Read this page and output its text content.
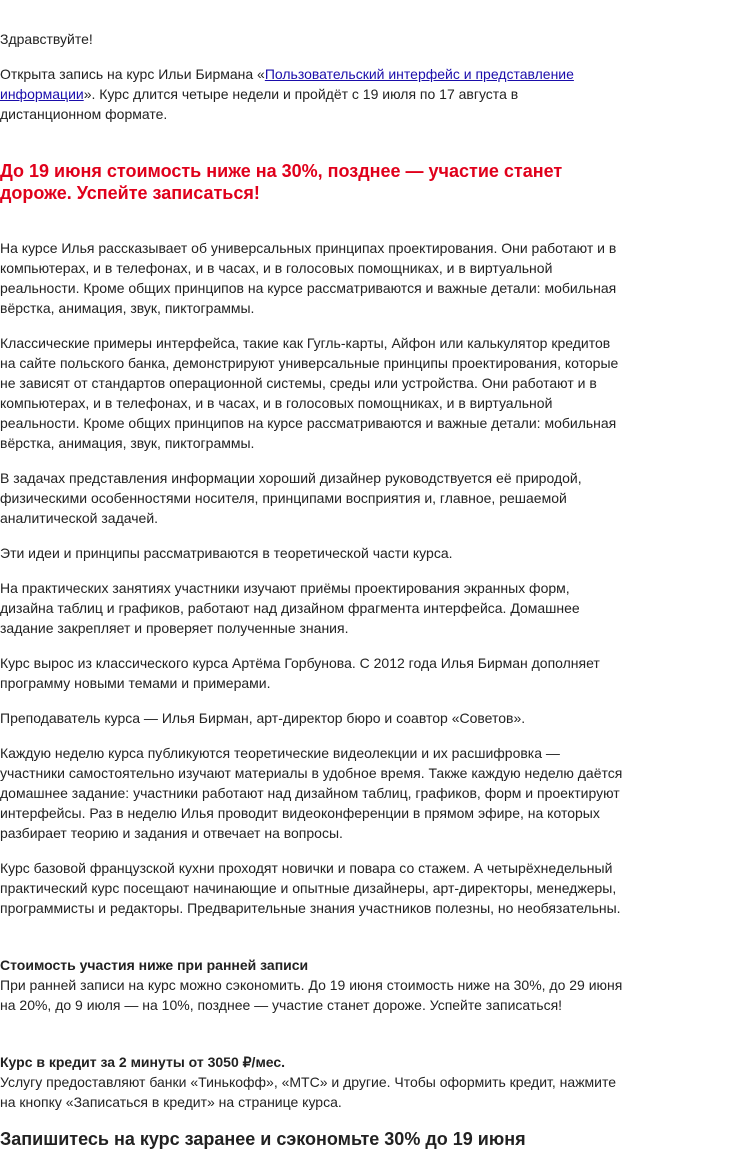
Здравствуйте!

Открыта запись на курс Ильи Бирмана «Пользовательский интерфейс и представление информации». Курс длится четыре недели и пройдёт с 19 июля по 17 августа в дистанционном формате.

До 19 июня стоимость ниже на 30%, позднее — участие станет дороже. Успейте записаться!

На курсе Илья рассказывает об универсальных принципах проектирования. Они работают и в компьютерах, и в телефонах, и в часах, и в голосовых помощниках, и в виртуальной реальности. Кроме общих принципов на курсе рассматриваются и важные детали: мобильная вёрстка, анимация, звук, пиктограммы.

Классические примеры интерфейса, такие как Гугль-карты, Айфон или калькулятор кредитов на сайте польского банка, демонстрируют универсальные принципы проектирования, которые не зависят от стандартов операционной системы, среды или устройства. Они работают и в компьютерах, и в телефонах, и в часах, и в голосовых помощниках, и в виртуальной реальности. Кроме общих принципов на курсе рассматриваются и важные детали: мобильная вёрстка, анимация, звук, пиктограммы.

В задачах представления информации хороший дизайнер руководствуется её природой, физическими особенностями носителя, принципами восприятия и, главное, решаемой аналитической задачей.

Эти идеи и принципы рассматриваются в теоретической части курса.

На практических занятиях участники изучают приёмы проектирования экранных форм, дизайна таблиц и графиков, работают над дизайном фрагмента интерфейса. Домашнее задание закрепляет и проверяет полученные знания.

Курс вырос из классического курса Артёма Горбунова. С 2012 года Илья Бирман дополняет программу новыми темами и примерами.

Преподаватель курса — Илья Бирман, арт-директор бюро и соавтор «Советов».

Каждую неделю курса публикуются теоретические видеолекции и их расшифровка — участники самостоятельно изучают материалы в удобное время. Также каждую неделю даётся домашнее задание: участники работают над дизайном таблиц, графиков, форм и проектируют интерфейсы. Раз в неделю Илья проводит видеоконференции в прямом эфире, на которых разбирает теорию и задания и отвечает на вопросы.

Курс базовой французской кухни проходят новички и повара со стажем. А четырёхнедельный практический курс посещают начинающие и опытные дизайнеры, арт-директоры, менеджеры, программисты и редакторы. Предварительные знания участников полезны, но необязательны.

Стоимость участия ниже при ранней записи
При ранней записи на курс можно сэкономить. До 19 июня стоимость ниже на 30%, до 29 июня на 20%, до 9 июля — на 10%, позднее — участие станет дороже. Успейте записаться!
Курс в кредит за 2 минуты от 3050 ₽/мес.
Услугу предоставляют банки «Тинькофф», «МТС» и другие. Чтобы оформить кредит, нажмите на кнопку «Записаться в кредит» на странице курса.
Запишитесь на курс заранее и сэкономьте 30% до 19 июня
